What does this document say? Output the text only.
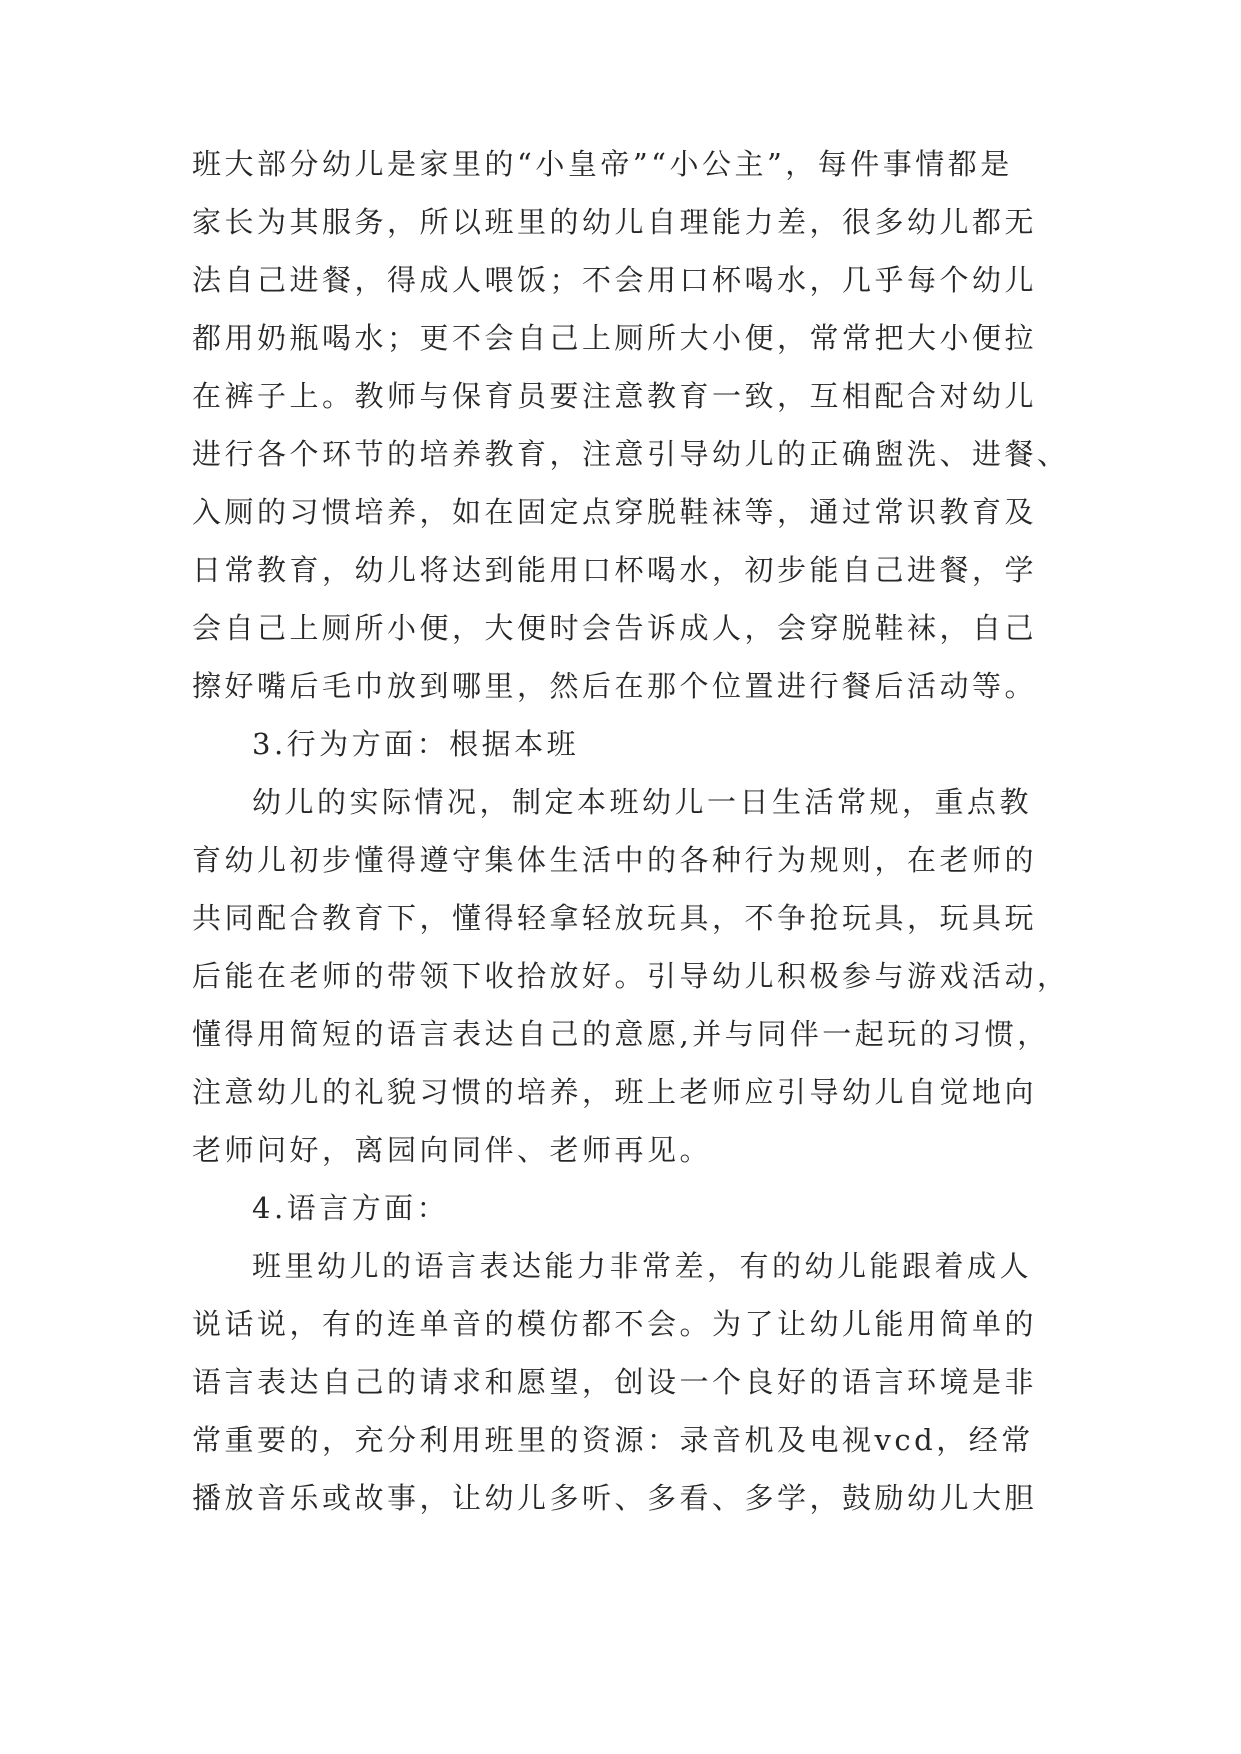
班大部分幼儿是家里的“小皇帝”“小公主”，每件事情都是
家长为其服务，所以班里的幼儿自理能力差，很多幼儿都无
法自己进餐，得成人喂饭；不会用口杯喝水，几乎每个幼儿
都用奶瓶喝水；更不会自己上厕所大小便，常常把大小便拉
在裤子上。教师与保育员要注意教育一致，互相配合对幼儿
进行各个环节的培养教育，注意引导幼儿的正确盥洗、进餐、
入厕的习惯培养，如在固定点穿脱鞋袜等，通过常识教育及
日常教育，幼儿将达到能用口杯喝水，初步能自己进餐，学
会自己上厕所小便，大便时会告诉成人，会穿脱鞋袜，自己
擦好嘴后毛巾放到哪里，然后在那个位置进行餐后活动等。
3.行为方面：根据本班
幼儿的实际情况，制定本班幼儿一日生活常规，重点教
育幼儿初步懂得遵守集体生活中的各种行为规则，在老师的
共同配合教育下，懂得轻拿轻放玩具，不争抢玩具，玩具玩
后能在老师的带领下收拾放好。引导幼儿积极参与游戏活动，
懂得用简短的语言表达自己的意愿,并与同伴一起玩的习惯，
注意幼儿的礼貌习惯的培养，班上老师应引导幼儿自觉地向
老师问好，离园向同伴、老师再见。
4.语言方面：
班里幼儿的语言表达能力非常差，有的幼儿能跟着成人
说话说，有的连单音的模仿都不会。为了让幼儿能用简单的
语言表达自己的请求和愿望，创设一个良好的语言环境是非
常重要的，充分利用班里的资源：录音机及电视vcd，经常
播放音乐或故事，让幼儿多听、多看、多学，鼓励幼儿大胆
